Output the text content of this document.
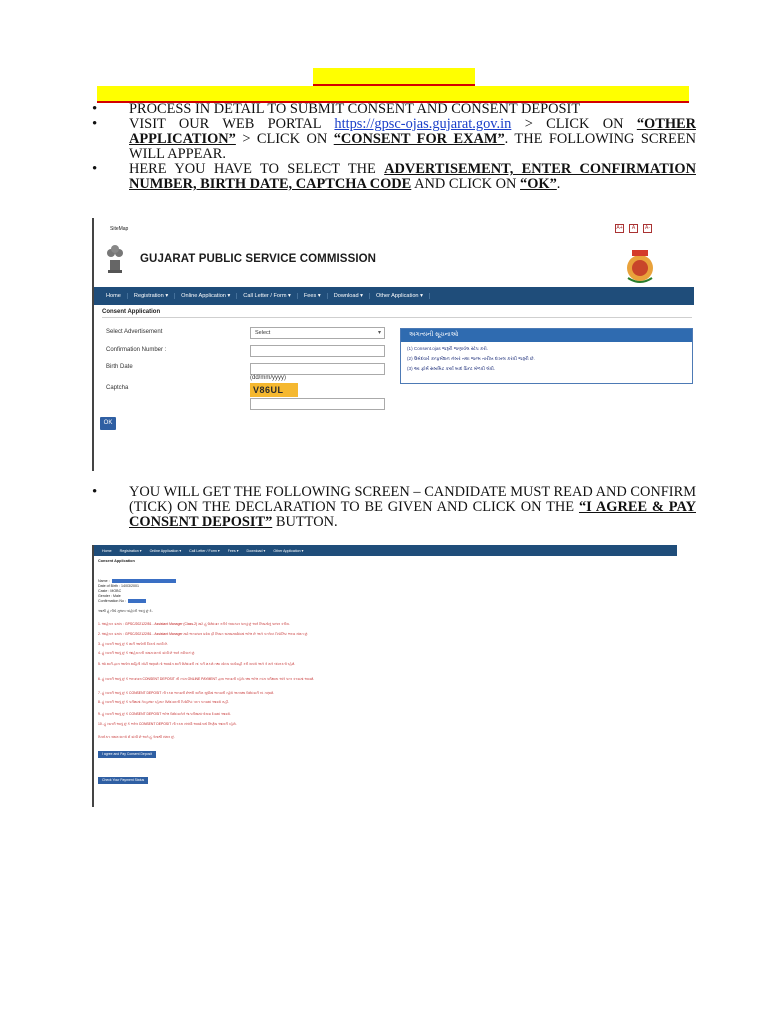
• PROCESS IN DETAIL TO SUBMIT CONSENT AND CONSENT DEPOSIT
• VISIT OUR WEB PORTAL https://gpsc-ojas.gujarat.gov.in > CLICK ON “OTHER APPLICATION” > CLICK ON “CONSENT FOR EXAM”. THE FOLLOWING SCREEN WILL APPEAR.
• HERE YOU HAVE TO SELECT THE ADVERTISEMENT, ENTER CONFIRMATION NUMBER, BIRTH DATE, CAPTCHA CODE AND CLICK ON “OK”.
SiteMap	A+	A	A-
GUJARAT PUBLIC SERVICE COMMISSION
Home	Registration ▾	Online Application ▾	Call Letter / Form ▾	Fees ▾	Download ▾	Other Application ▾
Consent Application
Select Advertisement	Select	▾
Confirmation Number :
Birth Date
(dd/mm/yyyy)
Captcha	V86UL
OK
અગત્યની સૂચનાઓ
(1) Consent.ojas જરૂરી જણાવેલ સ્ટેપ કરો.
(2) ઉમેદવારે કન્ફર્મેશન નંબર તથા જન્મ તારીખ દાખલ કરવી જરૂરી છે.
(3) આ ફોર્મ સબમિટ કર્યા બાદ પ્રિન્ટ મેળવી લેવી.
• YOU WILL GET THE FOLLOWING SCREEN – CANDIDATE MUST READ AND CONFIRM (TICK) ON THE DECLARATION TO BE GIVEN AND CLICK ON THE “I AGREE & PAY CONSENT DEPOSIT” BUTTON.
Home	Registration ▾	Online Application ▾	Call Letter / Form ▾	Fees ▾	Download ▾	Other Application ▾
Consent Application
Name :
Date of Birth : 14/03/2001
Caste : MOBC
Gender : Male
Confirmation No :
આથી હું નીચે મુજબ બાંહેધરી આપું છું કે-
1. જાહેરાત ક્રમાંક : GPSC/202122/51 - Assistant Manager (Class-2) માટે હું ઉમેદવાર તરીકે લાયકાત ધરાવું છું અને નિયમોનું પાલન કરીશ.
2. જાહેરાત ક્રમાંક : GPSC/202122/51 - Assistant Manager માટે ભરવાપાત્ર પ્રવેશ ફી નિયત સમયમર્યાદામાં ભરેલ છે અને કન્સેન્ટ ડિપોઝિટ ભરવા સંમત છું.
3. હું ખાતરી આપું છું કે મારી આપેલી વિગતો સાચી છે.
4. હું ખાતરી આપું છું કે જાહેરાતની તમામ શરતો વાંચી છે અને સ્વીકારું છું.
5. જો મારી દ્વારા આપેલ માહિતી ખોટી જણાશે તો આયોગ મારી ઉમેદવારી રદ કરી શકશે તથા યોગ્ય કાર્યવાહી કરી શકશે અને તે મને બંધનકર્તા રહેશે.
6. હું ખાતરી આપું છું કે ભરવાપાત્ર CONSENT DEPOSIT ની રકમ ONLINE PAYMENT દ્વારા ભરવાની રહેશે તથા ભરેલ રકમ પરીક્ષાના અંતે પરત કરવામાં આવશે.
7. હું ખાતરી આપું છું કે CONSENT DEPOSIT ની રકમ ભરવાની છેલ્લી તારીખ સુધીમાં ભરવાની રહેશે અન્યથા ઉમેદવારી રદ ગણાશે.
8. હું ખાતરી આપું છું કે પરીક્ષામાં ગેરહાજર રહેનાર ઉમેદવારની ડિપોઝિટ પરત કરવામાં આવશે નહીં.
9. હું ખાતરી આપું છું કે CONSENT DEPOSIT ભરેલ ઉમેદવારોને જ પરીક્ષામાં બેસવા દેવામાં આવશે.
10. હું ખાતરી આપું છું કે ભરેલ CONSENT DEPOSIT ની રકમ સંબંધી આયોગનો નિર્ણય આખરી રહેશે.
ઉપરોક્ત તમામ શરતો મેં વાંચી છે અને હું તેનાથી સંમત છું.
I agree and Pay Consent Deposit
Check Your Payment Status
